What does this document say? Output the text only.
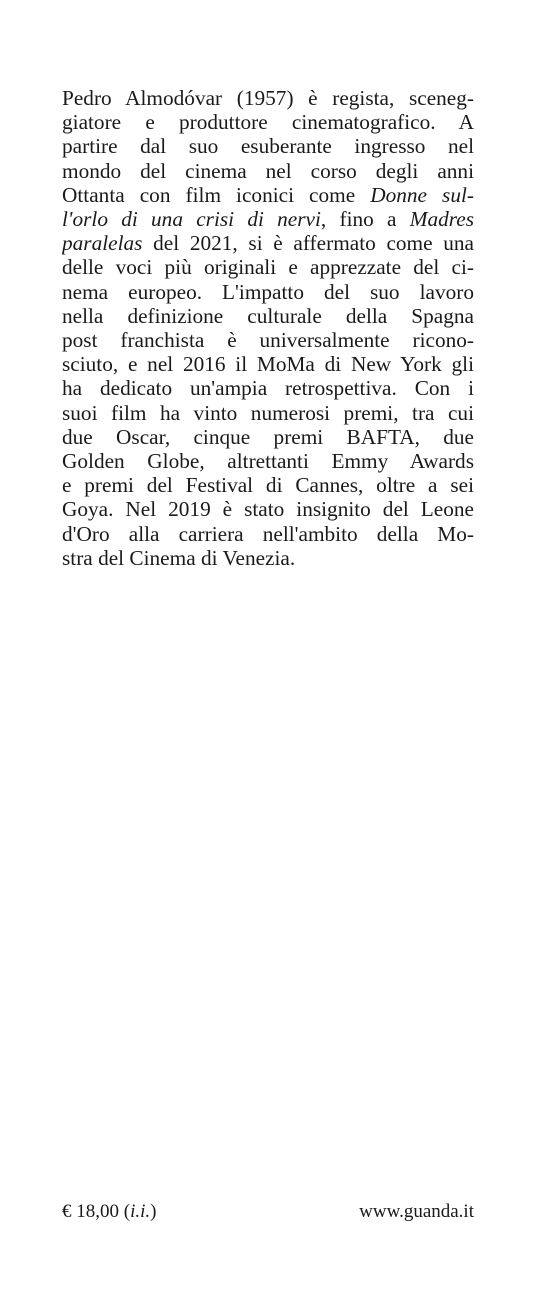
Pedro Almodóvar (1957) è regista, sceneg-
giatore e produttore cinematografico. A
partire dal suo esuberante ingresso nel
mondo del cinema nel corso degli anni
Ottanta con film iconici come Donne sul-
l'orlo di una crisi di nervi, fino a Madres
paralelas del 2021, si è affermato come una
delle voci più originali e apprezzate del ci-
nema europeo. L'impatto del suo lavoro
nella definizione culturale della Spagna
post franchista è universalmente ricono-
sciuto, e nel 2016 il MoMa di New York gli
ha dedicato un'ampia retrospettiva. Con i
suoi film ha vinto numerosi premi, tra cui
due Oscar, cinque premi BAFTA, due
Golden Globe, altrettanti Emmy Awards
e premi del Festival di Cannes, oltre a sei
Goya. Nel 2019 è stato insignito del Leone
d'Oro alla carriera nell'ambito della Mo-
stra del Cinema di Venezia.
€ 18,00 (i.i.)	www.guanda.it
